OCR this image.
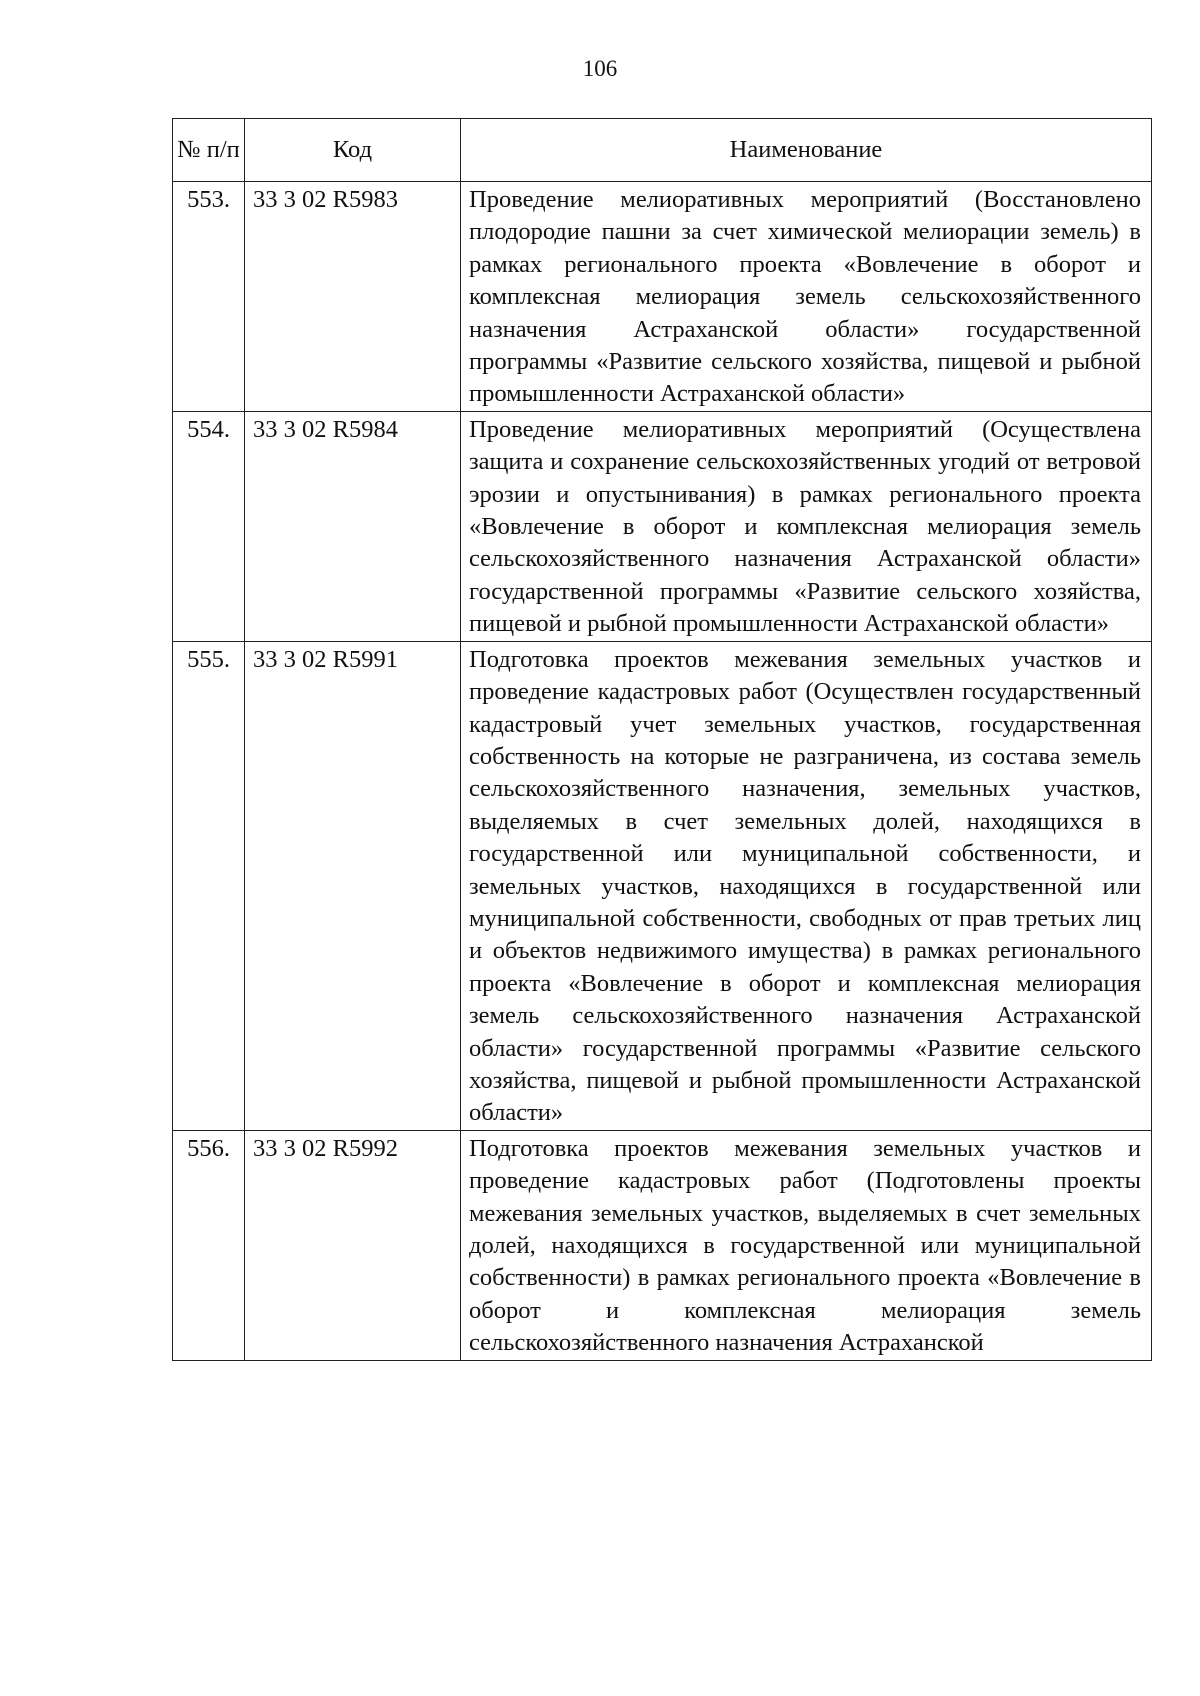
106
№ п/п	Код	Наименование
553.	33 3 02 R5983	Проведение мелиоративных мероприятий (Восстановлено плодородие пашни за счет химической мелиорации земель) в рамках регионального проекта «Вовлечение в оборот и комплексная мелиорация земель сельскохозяйственного назначения Астраханской области» государственной программы «Развитие сельского хозяйства, пищевой и рыбной промышленности Астраханской области»
554.	33 3 02 R5984	Проведение мелиоративных мероприятий (Осуществлена защита и сохранение сельскохозяйственных угодий от ветровой эрозии и опустынивания) в рамках регионального проекта «Вовлечение в оборот и комплексная мелиорация земель сельскохозяйственного назначения Астраханской области» государственной программы «Развитие сельского хозяйства, пищевой и рыбной промышленности Астраханской области»
555.	33 3 02 R5991	Подготовка проектов межевания земельных участков и проведение кадастровых работ (Осуществлен государственный кадастровый учет земельных участков, государственная собственность на которые не разграничена, из состава земель сельскохозяйственного назначения, земельных участков, выделяемых в счет земельных долей, находящихся в государственной или муниципальной собственности, и земельных участков, находящихся в государственной или муниципальной собственности, свободных от прав третьих лиц и объектов недвижимого имущества) в рамках регионального проекта «Вовлечение в оборот и комплексная мелиорация земель сельскохозяйственного назначения Астраханской области» государственной программы «Развитие сельского хозяйства, пищевой и рыбной промышленности Астраханской области»
556.	33 3 02 R5992	Подготовка проектов межевания земельных участков и проведение кадастровых работ (Подготовлены проекты межевания земельных участков, выделяемых в счет земельных долей, находящихся в государственной или муниципальной собственности) в рамках регионального проекта «Вовлечение в оборот и комплексная мелиорация земель сельскохозяйственного назначения Астраханской
